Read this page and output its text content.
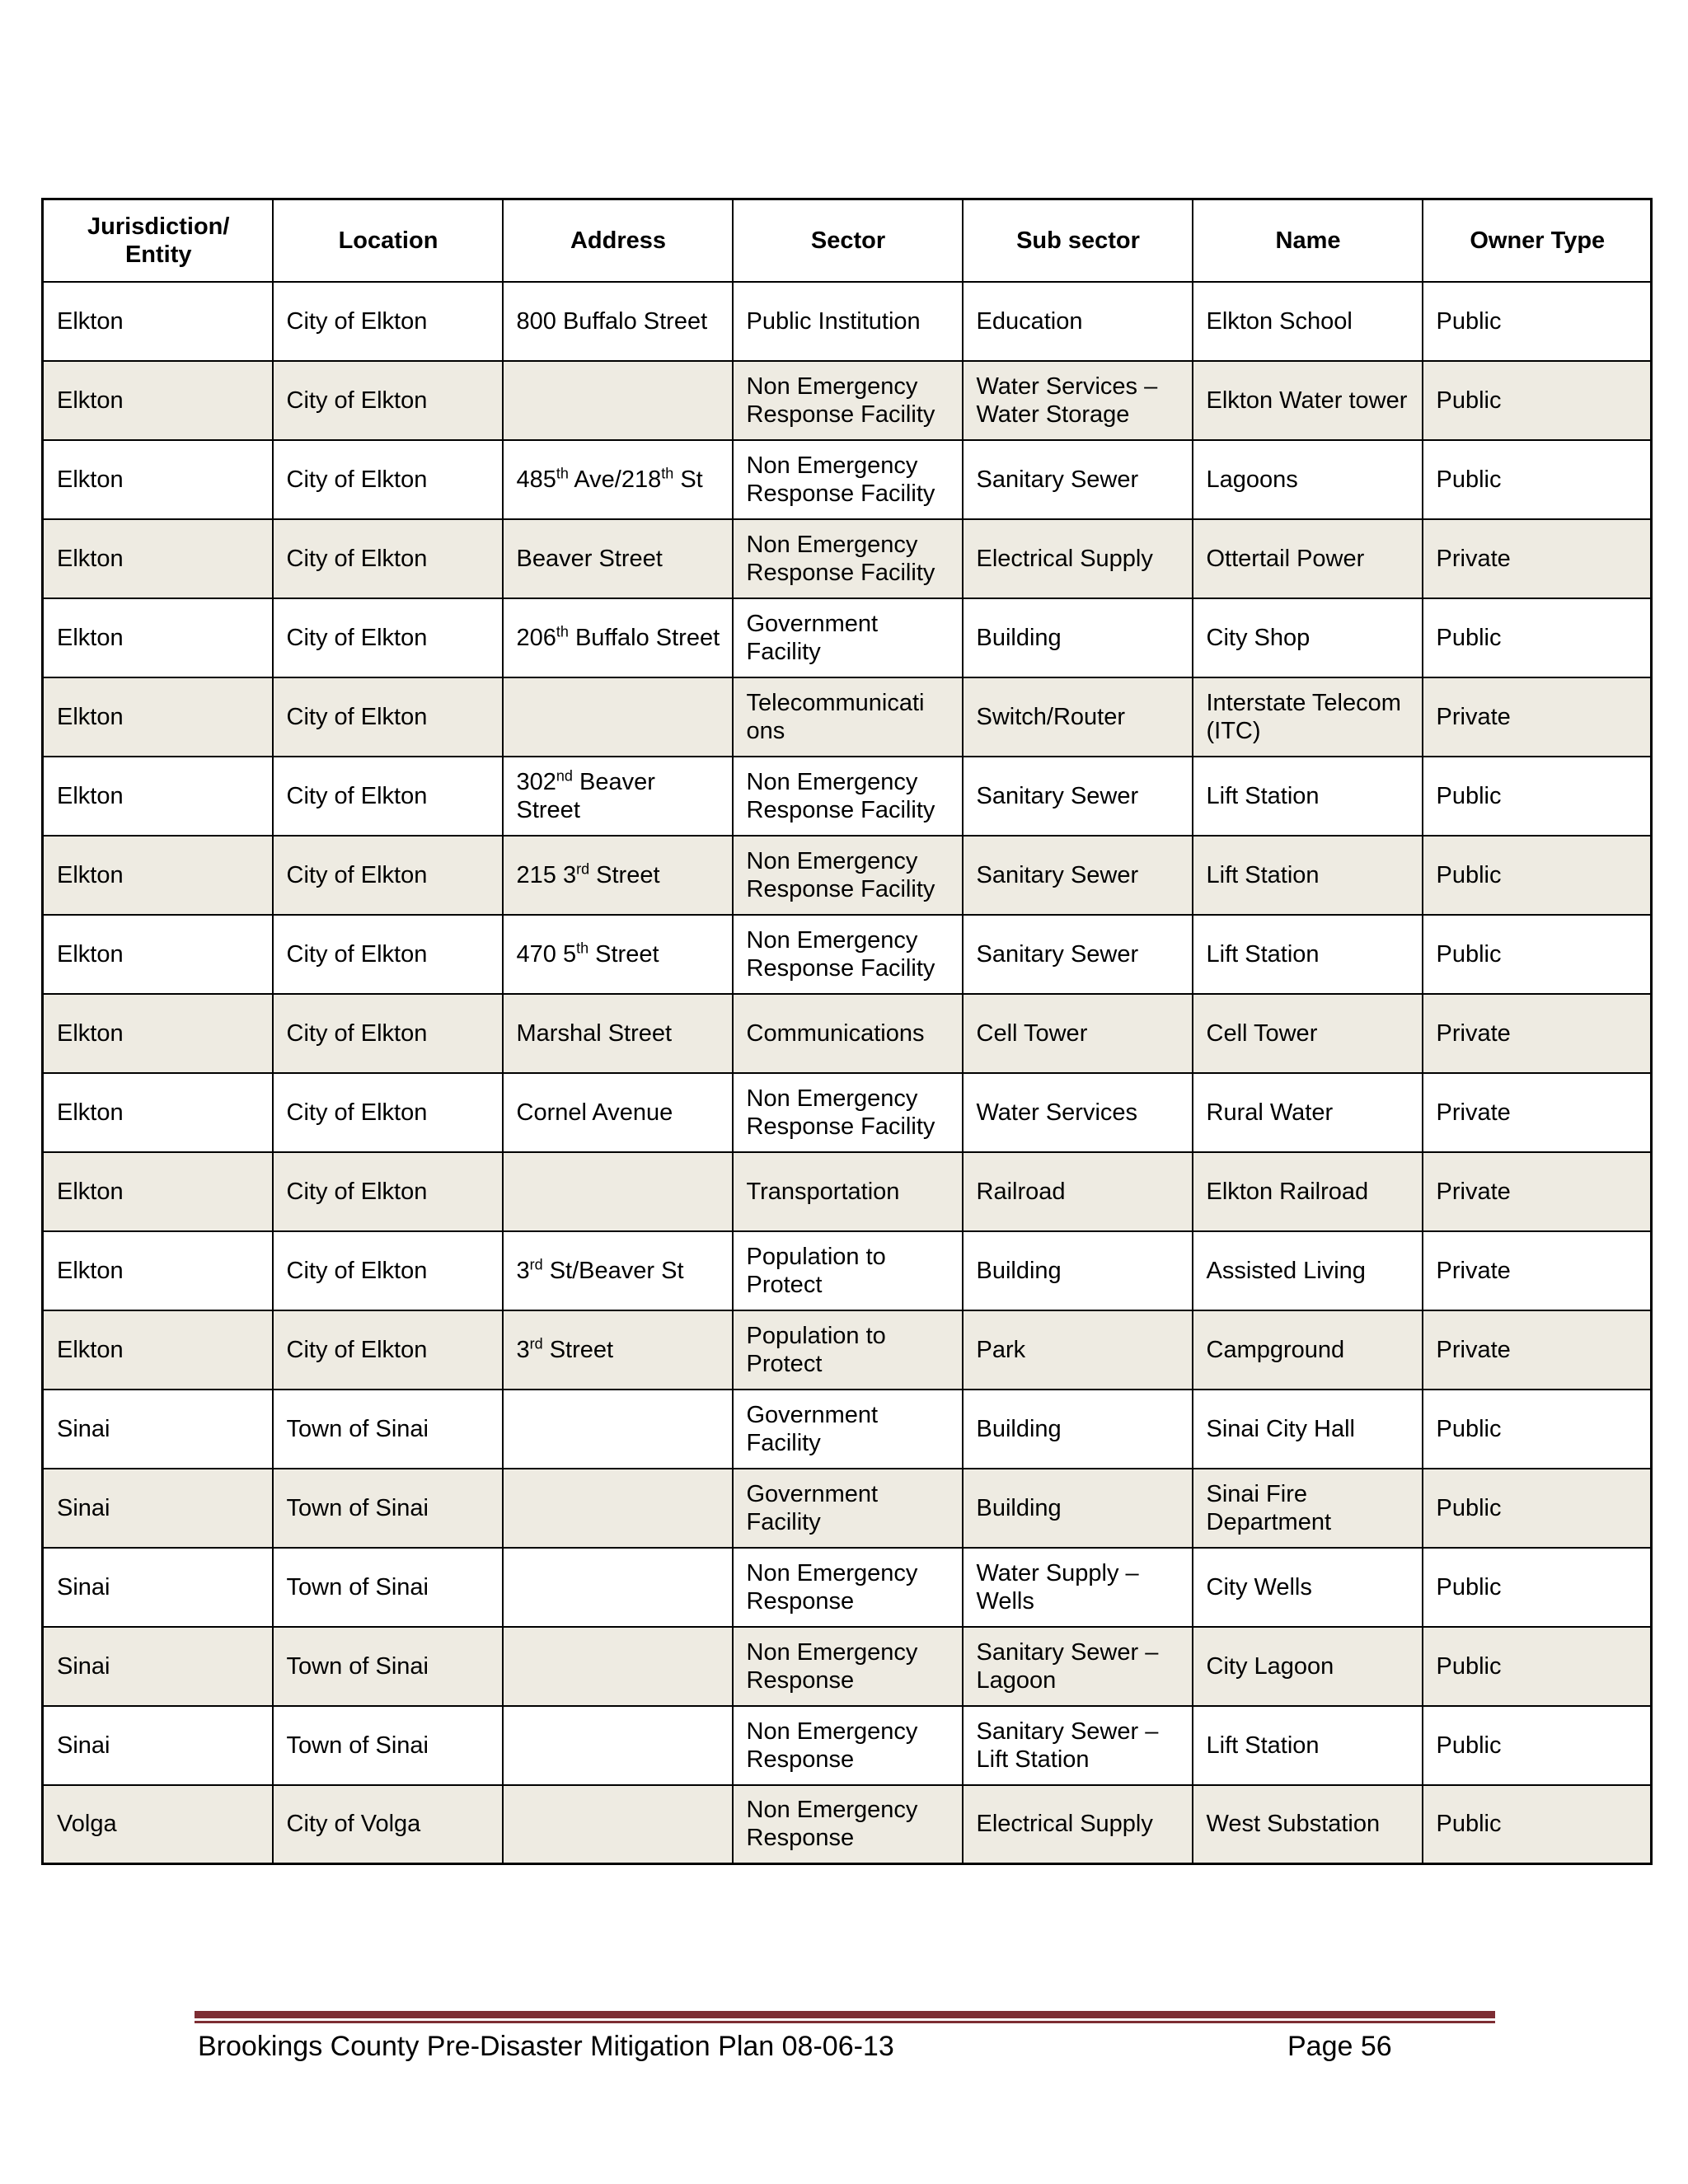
Jurisdiction/ Entity	Location	Address	Sector	Sub sector	Name	Owner Type
Elkton	City of Elkton	800 Buffalo Street	Public Institution	Education	Elkton School	Public
Elkton	City of Elkton		Non Emergency Response Facility	Water Services – Water Storage	Elkton Water tower	Public
Elkton	City of Elkton	485th Ave/218th St	Non Emergency Response Facility	Sanitary Sewer	Lagoons	Public
Elkton	City of Elkton	Beaver Street	Non Emergency Response Facility	Electrical Supply	Ottertail Power	Private
Elkton	City of Elkton	206th Buffalo Street	Government Facility	Building	City Shop	Public
Elkton	City of Elkton		Telecommunicati ons	Switch/Router	Interstate Telecom (ITC)	Private
Elkton	City of Elkton	302nd Beaver Street	Non Emergency Response Facility	Sanitary Sewer	Lift Station	Public
Elkton	City of Elkton	215 3rd Street	Non Emergency Response Facility	Sanitary Sewer	Lift Station	Public
Elkton	City of Elkton	470 5th Street	Non Emergency Response Facility	Sanitary Sewer	Lift Station	Public
Elkton	City of Elkton	Marshal Street	Communications	Cell Tower	Cell Tower	Private
Elkton	City of Elkton	Cornel Avenue	Non Emergency Response Facility	Water Services	Rural Water	Private
Elkton	City of Elkton		Transportation	Railroad	Elkton Railroad	Private
Elkton	City of Elkton	3rd St/Beaver St	Population to Protect	Building	Assisted Living	Private
Elkton	City of Elkton	3rd Street	Population to Protect	Park	Campground	Private
Sinai	Town of Sinai		Government Facility	Building	Sinai City Hall	Public
Sinai	Town of Sinai		Government Facility	Building	Sinai Fire Department	Public
Sinai	Town of Sinai		Non Emergency Response	Water Supply – Wells	City Wells	Public
Sinai	Town of Sinai		Non Emergency Response	Sanitary Sewer – Lagoon	City Lagoon	Public
Sinai	Town of Sinai		Non Emergency Response	Sanitary Sewer – Lift Station	Lift Station	Public
Volga	City of Volga		Non Emergency Response	Electrical Supply	West Substation	Public
Brookings County Pre-Disaster Mitigation Plan 08-06-13	Page 56
